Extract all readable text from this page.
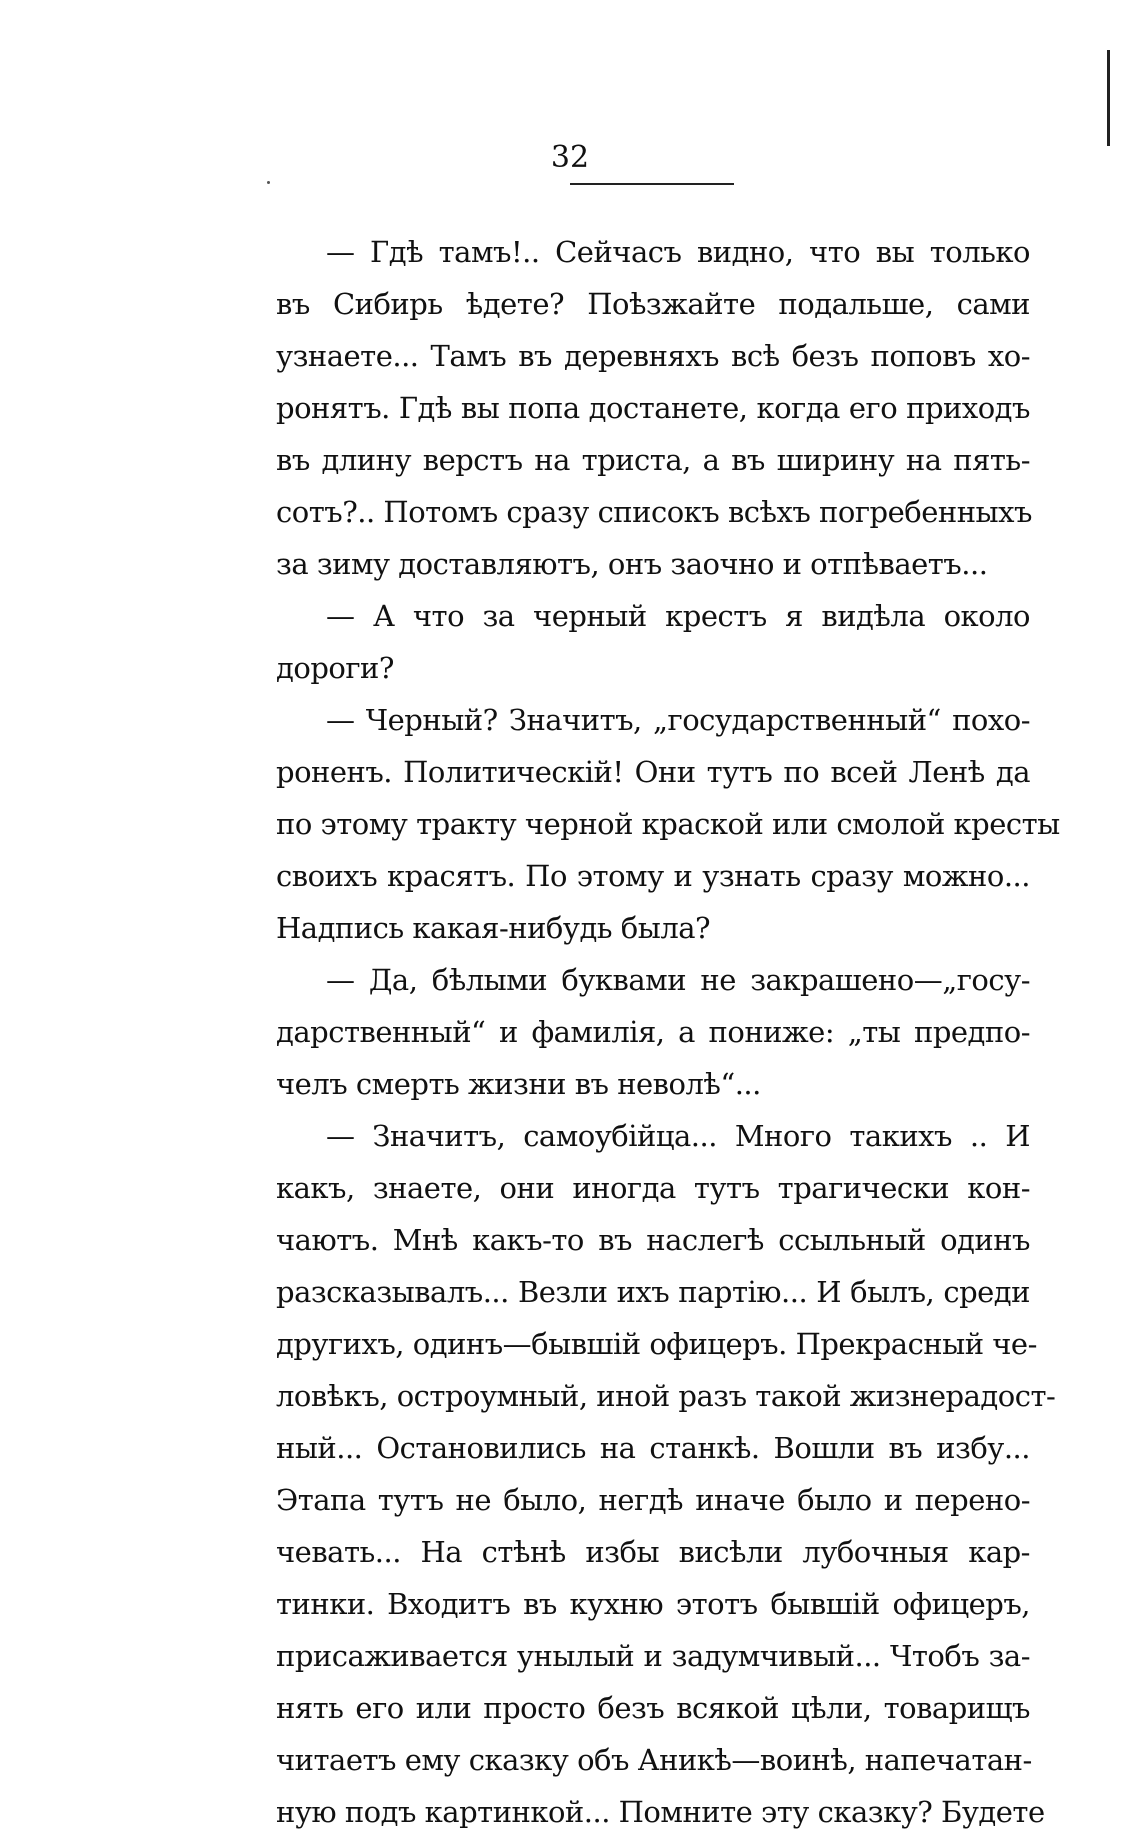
32
— Гдѣ тамъ!.. Сейчасъ видно, что вы только
въ Сибирь ѣдете? Поѣзжайте подальше, сами
узнаете... Тамъ въ деревняхъ всѣ безъ поповъ хо-
ронятъ. Гдѣ вы попа достанете, когда его приходъ
въ длину верстъ на триста, а въ ширину на пять-
сотъ?.. Потомъ сразу списокъ всѣхъ погребенныхъ
за зиму доставляютъ, онъ заочно и отпѣваетъ...
— А что за черный крестъ я видѣла около
дороги?
— Черный? Значитъ, „государственный“ похо-
роненъ. Политическій! Они тутъ по всей Ленѣ да
по этому тракту черной краской или смолой кресты
своихъ красятъ. По этому и узнать сразу можно...
Надпись какая-нибудь была?
— Да, бѣлыми буквами не закрашено—„госу-
дарственный“ и фамилія, а пониже: „ты предпо-
челъ смерть жизни въ неволѣ“...
— Значитъ, самоубійца... Много такихъ .. И
какъ, знаете, они иногда тутъ трагически кон-
чаютъ. Мнѣ какъ-то въ наслегѣ ссыльный одинъ
разсказывалъ... Везли ихъ партію... И былъ, среди
другихъ, одинъ—бывшій офицеръ. Прекрасный че-
ловѣкъ, остроумный, иной разъ такой жизнерадост-
ный... Остановились на станкѣ. Вошли въ избу...
Этапа тутъ не было, негдѣ иначе было и перено-
чевать... На стѣнѣ избы висѣли лубочныя кар-
тинки. Входитъ въ кухню этотъ бывшій офицеръ,
присаживается унылый и задумчивый... Чтобъ за-
нять его или просто безъ всякой цѣли, товарищъ
читаетъ ему сказку объ Аникѣ—воинѣ, напечатан-
ную подъ картинкой... Помните эту сказку? Будете
